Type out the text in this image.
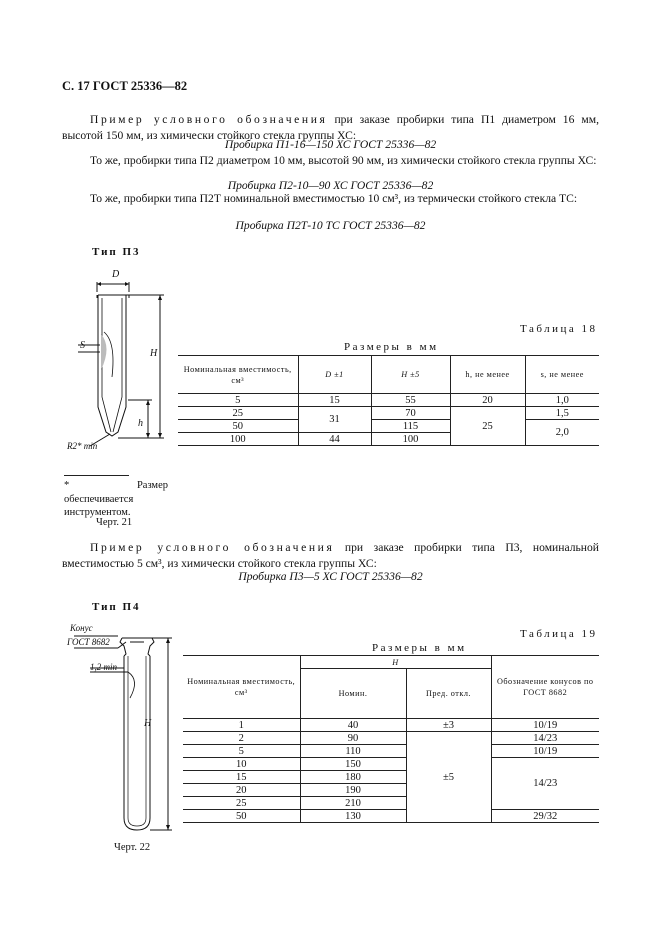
С. 17 ГОСТ 25336—82
Пример условного обозначения при заказе пробирки типа П1 диаметром 16 мм, высотой 150 мм, из химически стойкого стекла группы ХС:
Пробирка П1-16—150 ХС ГОСТ 25336—82
То же, пробирки типа П2 диаметром 10 мм, высотой 90 мм, из химически стойкого стекла группы ХС:
Пробирка П2-10—90 ХС ГОСТ 25336—82
То же, пробирки типа П2Т номинальной вместимостью 10 см³, из термически стойкого стекла ТС:
Пробирка П2Т-10 ТС ГОСТ 25336—82
Тип П3
D
S
H
h
R2* min
* Размер обеспечивается инструментом.
Черт. 21
Таблица 18
Размеры в мм
Номинальная вместимость, см³	D ±1	H ±5	h, не менее	s, не менее
5	15	55	20	1,0
25	31	70	25	1,5
50		115		2,0
100	44	100		
Пример условного обозначения при заказе пробирки типа П3, номинальной вместимостью 5 см³, из химически стойкого стекла группы ХС:
Пробирка П3—5 ХС ГОСТ 25336—82
Тип П4
Конус
ГОСТ 8682
1,2 min
H
Черт. 22
Таблица 19
Размеры в мм
Номинальная вместимость, см³	H		Обозначение конусов по ГОСТ 8682
	Номин.	Пред. откл.	
1	40	±3	10/19
2	90	±5	14/23
5	110		10/19
10	150		14/23
15	180		
20	190		
25	210		
50	130		29/32
